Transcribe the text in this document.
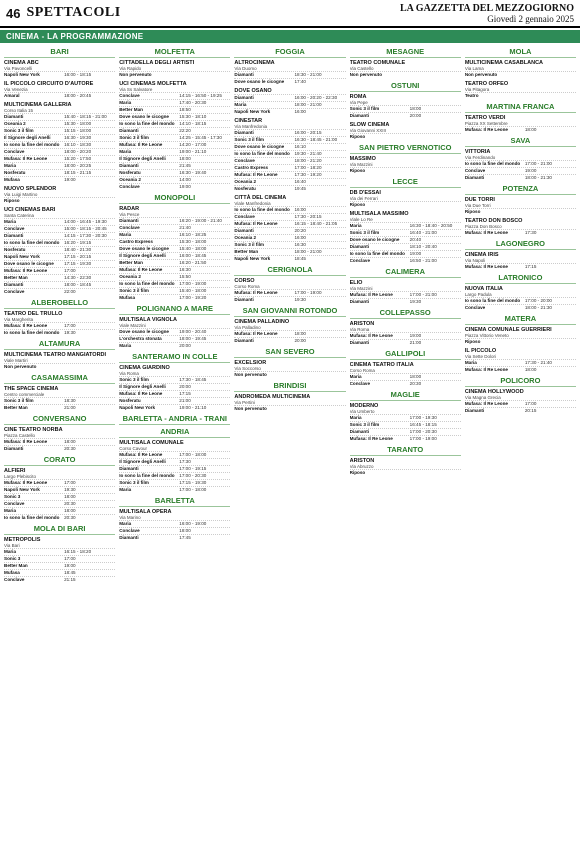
46 SPETTACOLI	LA GAZZETTA DEL MEZZOGIORNO
Giovedì 2 gennaio 2025
CINEMA - LA PROGRAMMAZIONE
BARI
CINEMA ABC
Via Pavoncelli
Napoli New York	16:00 - 18:15
IL PICCOLO CIRCUITO D'AUTORE
Via Venezia
Amaral	18:00 - 20:45
MULTICINEMA GALLERIA
Corso Italia 15
Diamanti	15:40 - 18:15 - 21:00
Oceania 2	15:30 - 18:00
Sonic 3 il film	15:15 - 18:00
Il Signore degli Anelli	16:30 - 19:30
Io sono la fine del mondo	16:10 - 18:30
Conclave	18:00 - 20:20
Mufasa: Il Re Leone	15:20 - 17:50
Maria	18:00 - 20:25
Nosferatu	18:15 - 21:15
Mufasa	19:00
NUOVO SPLENDOR
Via Luigi Martino
Riposo
UCI CINEMAS BARI
Santa Caterina
Maria	14:00 - 16:45 - 19:30
Conclave	15:00 - 18:15 - 20:45
Diamanti	14:15 - 17:30 - 20:30
Io sono la fine del mondo	16:20 - 19:15
Nosferatu	18:40 - 21:30
Napoli New York	17:15 - 20:15
Dove osano le cicogne	17:15 - 19:30
Mufasa: Il Re Leone	17:00
Better Man	14:30 - 22:30
Diamanti	18:00 - 18:45
Conclave	22:00
ALBEROBELLO
TEATRO DEL TRULLO
Via Margherita
Mufasa: Il Re Leone	17:00
Io sono la fine del mondo	19:30
ALTAMURA
MULTICINEMA TEATRO MANGIATORDI
Viale Martiri
Non pervenuto
CASAMASSIMA
THE SPACE CINEMA
Centro commerciale
Sonic 3 il film	18:30
Better Man	21:00
CONVERSANO
CINE TEATRO NORBA
Piazza Castello
Mufasa: Il Re Leone	18:00
Diamanti	20:30
CORATO
ALFIERI
Largo Plebiscito
Mufasa: Il Re Leone	17:00
Napoli New York	19:30
Sonic 3	18:00
Conclave	20:30
Maria	18:00
Io sono la fine del mondo	20:30
MOLA DI BARI
METROPOLIS
Via Bari
Maria	16:15 - 18:20
Sonic 3	17:00
Better Man	19:00
Mufasa	18:45
Conclave	21:15
MOLFETTA
CITTADELLA DEGLI ARTISTI
Via Rapido
Non pervenuto
UCI CINEMAS MOLFETTA
Via Ss Salvatore
Conclave	14:15 - 16:50 - 19:25
Maria	17:40 - 20:30
Better Man	18:50
Dove osano le cicogne	15:30 - 18:10
Io sono la fine del mondo	14:10 - 18:15
Diamanti	22:20
Sonic 3 il film	14:25 - 15:45 - 17:30
Mufasa: Il Re Leone	14:20 - 17:00
Maria	19:00 - 21:10
Il Signore degli Anelli	18:00
Diamanti	21:45
Nosferatu	16:30 - 19:40
Oceania 2	14:00
Conclave	19:00
MONOPOLI
RADAR
Via Pesce
Diamanti	16:20 - 19:00 - 21:40
Conclave	21:40
Maria	16:10 - 18:25
Castro Express	15:30 - 18:00
Dove osano le cicogne	15:40 - 18:00
Il Signore degli Anelli	16:00 - 18:45
Better Man	16:20 - 21:50
Mufasa: Il Re Leone	16:30
Oceania 2	15:50
Io sono la fine del mondo	17:00 - 19:00
Sonic 3 il film	15:40 - 18:00
Mufasa	17:00 - 19:20
POLIGNANO A MARE
MULTISALA VIGNOLA
Viale Mazzini
Dove osano le cicogne	19:00 - 20:40
L'orchestra stonata	18:00 - 19:45
Maria	20:00
SANTERAMO IN COLLE
CINEMA GIARDINO
Via Roma
Sonic 3 il film	17:30 - 18:45
Il Signore degli Anelli	20:00
Mufasa: Il Re Leone	17:15
Nosferatu	21:00
Napoli New York	19:00 - 21:10
BARLETTA - ANDRIA - TRANI
ANDRIA
MULTISALA COMUNALE
Corso Cavour
Mufasa: Il Re Leone	17:00 - 18:00
Il Signore degli Anelli	17:30
Diamanti	17:00 - 19:15
Io sono la fine del mondo	17:00 - 20:30
Sonic 3 il film	17:15 - 19:30
Maria	17:00 - 18:00
BARLETTA
MULTISALA OPERA
Via Marino
Maria	16:00 - 19:00
Conclave	18:00
Diamanti	17:45
FOGGIA
ALTROCINEMA
Via Duomo
Diamanti	18:30 - 21:00
Dove osano le cicogne	17:40
DOVE OSANO
Diamanti	16:00 - 20:20 - 22:30
Maria	18:00 - 21:00
Napoli New York	16:00
CINESTAR
Via Manfredonia
Diamanti	16:00 - 20:15
Sonic 3 il film	16:30 - 18:45 - 21:00
Dove osano le cicogne	16:10
Io sono la fine del mondo	19:30 - 21:40
Conclave	18:00 - 21:20
Castro Express	17:00 - 18:20
Mufasa: Il Re Leone	17:30 - 19:20
Oceania 2	16:40
Nosferatu	19:45
CITTÀ DEL CINEMA
Viale Manfredonia
Io sono la fine del mondo	16:00
Conclave	17:30 - 20:15
Mufasa: Il Re Leone	16:15 - 18:40 - 21:05
Diamanti	20:20
Oceania 2	16:00
Sonic 3 il film	16:30
Better Man	18:00 - 21:00
Napoli New York	18:45
CERIGNOLA
CORSO
Corso Roma
Mufasa: Il Re Leone	17:00 - 19:00
Diamanti	19:30
SAN GIOVANNI ROTONDO
CINEMA PALLADINO
Via Palladino
Mufasa: Il Re Leone	18:00
Diamanti	20:00
SAN SEVERO
EXCELSIOR
Via Soccorso
Non pervenuto
BRINDISI
ANDROMEDA MULTICINEMA
Via Pertini
Non pervenuto
MESAGNE
TEATRO COMUNALE
Via Castello
Non pervenuto
OSTUNI
ROMA
Via Pepe
Sonic 3 il film	18:00
Diamanti	20:00
SLOW CINEMA
Via Giovanni XXIII
Riposo
SAN PIETRO VERNOTICO
MASSIMO
Via Mazzini
Riposo
LECCE
DB D'ESSAI
Via dei Ferrari
Riposo
MULTISALA MASSIMO
Viale Lo Re
Maria	16:30 - 18:40 - 20:50
Sonic 3 il film	16:40 - 21:00
Dove osano le cicogne	20:40
Diamanti	18:10 - 20:40
Io sono la fine del mondo	19:00
Conclave	16:50 - 21:00
CALIMERA
ELIO
Via Mazzini
Mufasa: Il Re Leone	17:00 - 21:00
Diamanti	19:30
COLLEPASSO
ARISTON
Via Roma
Mufasa: Il Re Leone	19:00
Diamanti	21:00
GALLIPOLI
CINEMA TEATRO ITALIA
Corso Roma
Maria	18:00
Conclave	20:30
MAGLIE
MODERNO
Via Umberto
Maria	17:00 - 19:30
Sonic 3 il film	16:45 - 18:15
Diamanti	17:00 - 20:30
Mufasa: Il Re Leone	17:00 - 19:00
TARANTO
ARISTON
Via Abruzzo
Riposo
MOLA
MULTICINEMA CASABLANCA
Via Lama
Non pervenuto
TEATRO ORFEO
Via Pitagora
Teatro
MARTINA FRANCA
TEATRO VERDI
Piazza XX Settembre
Mufasa: Il Re Leone	18:00
SAVA
VITTORIA
Via Ferdinando
Io sono la fine del mondo	17:00 - 21:00
Conclave	19:00
Diamanti	18:00 - 21:30
POTENZA
DUE TORRI
Via Due Torri
Riposo
TEATRO DON BOSCO
Piazza Don Bosco
Mufasa: Il Re Leone	17:30
LAGONEGRO
CINEMA IRIS
Via Napoli
Mufasa: Il Re Leone	17:15
LATRONICO
NUOVA ITALIA
Largo Padula
Io sono la fine del mondo	17:00 - 20:00
Conclave	18:00 - 21:30
MATERA
CINEMA COMUNALE GUERRIERI
Piazza Vittorio Veneto
Riposo
IL PICCOLO
Via Sette Dolori
Maria	17:30 - 21:40
Mufasa: Il Re Leone	18:00
POLICORO
CINEMA HOLLYWOOD
Via Magna Grecia
Mufasa: Il Re Leone	17:00
Diamanti	20:15
